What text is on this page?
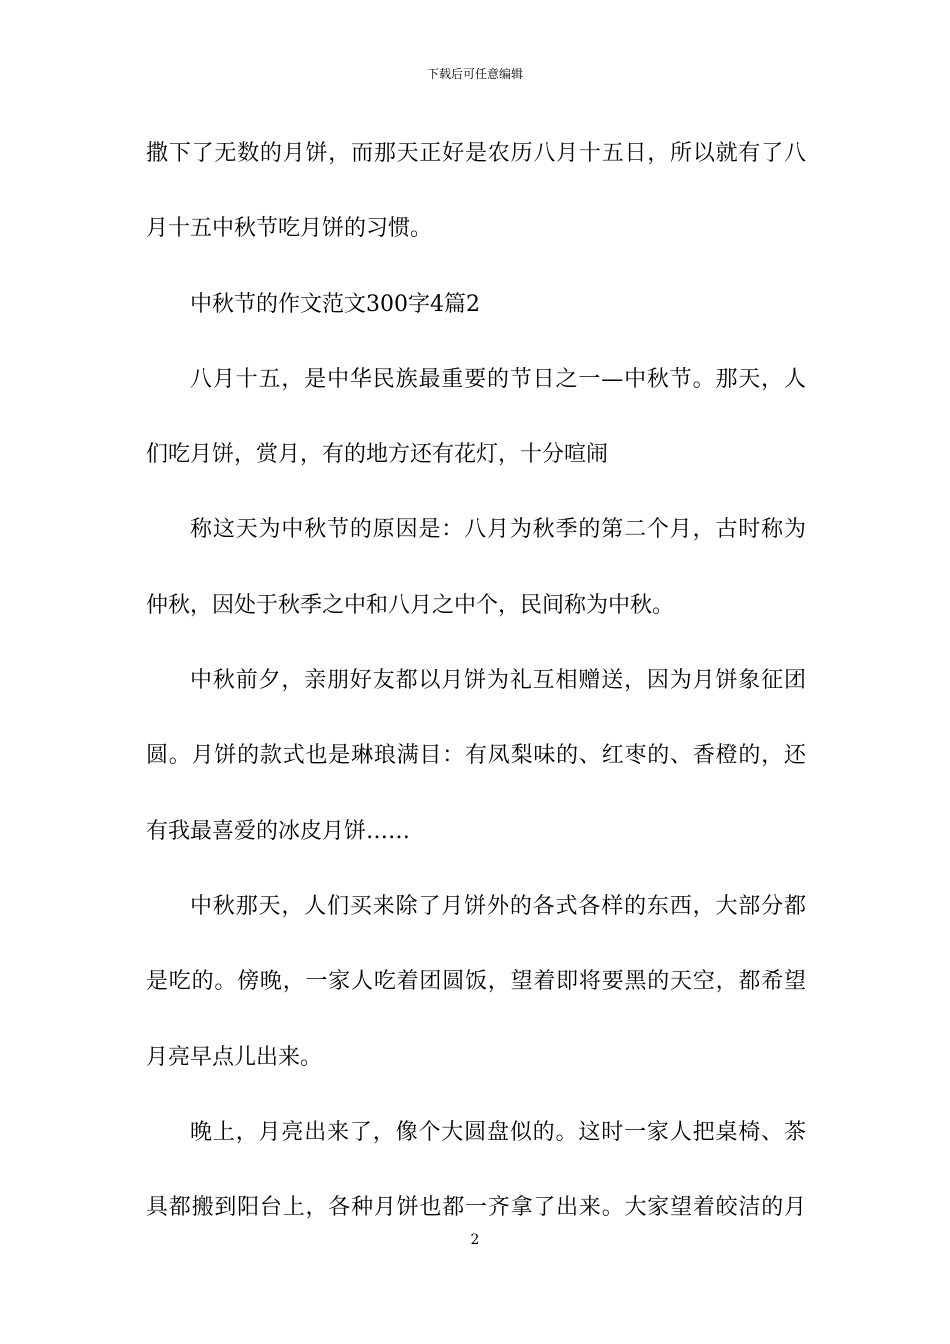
下载后可任意编辑
撒下了无数的月饼，而那天正好是农历八月十五日，所以就有了八
月十五中秋节吃月饼的习惯。
中秋节的作文范文300字4篇2
八月十五，是中华民族最重要的节日之一—中秋节。那天，人
们吃月饼，赏月，有的地方还有花灯，十分喧闹
称这天为中秋节的原因是：八月为秋季的第二个月，古时称为
仲秋，因处于秋季之中和八月之中个，民间称为中秋。
中秋前夕，亲朋好友都以月饼为礼互相赠送，因为月饼象征团
圆。月饼的款式也是琳琅满目：有凤梨味的、红枣的、香橙的，还
有我最喜爱的冰皮月饼……
中秋那天，人们买来除了月饼外的各式各样的东西，大部分都
是吃的。傍晚，一家人吃着团圆饭，望着即将要黑的天空，都希望
月亮早点儿出来。
晚上，月亮出来了，像个大圆盘似的。这时一家人把桌椅、茶
具都搬到阳台上，各种月饼也都一齐拿了出来。大家望着皎洁的月
2
